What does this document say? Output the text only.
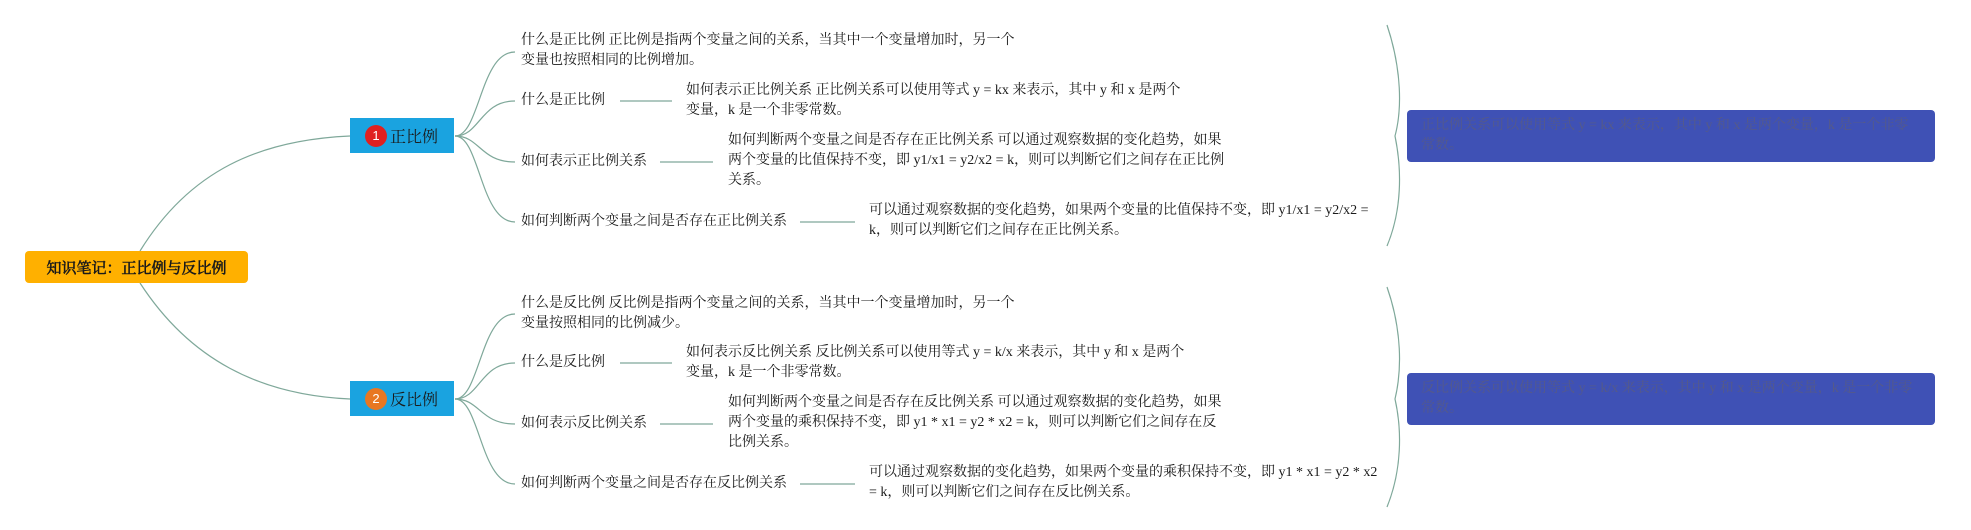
知识笔记：正比例与反比例
1 正比例
什么是正比例 正比例是指两个变量之间的关系，当其中一个变量增加时，另一个变量也按照相同的比例增加。
什么是正比例
如何表示正比例关系 正比例关系可以使用等式 y = kx 来表示，其中 y 和 x 是两个变量，k 是一个非零常数。
如何表示正比例关系
如何判断两个变量之间是否存在正比例关系 可以通过观察数据的变化趋势，如果两个变量的比值保持不变，即 y1/x1 = y2/x2 = k，则可以判断它们之间存在正比例关系。
如何判断两个变量之间是否存在正比例关系
可以通过观察数据的变化趋势，如果两个变量的比值保持不变，即 y1/x1 = y2/x2 = k，则可以判断它们之间存在正比例关系。
正比例关系可以使用等式 y = kx 来表示，其中 y 和 x 是两个变量，k 是一个非零常数。
2 反比例
什么是反比例 反比例是指两个变量之间的关系，当其中一个变量增加时，另一个变量按照相同的比例减少。
什么是反比例
如何表示反比例关系 反比例关系可以使用等式 y = k/x 来表示，其中 y 和 x 是两个变量，k 是一个非零常数。
如何表示反比例关系
如何判断两个变量之间是否存在反比例关系 可以通过观察数据的变化趋势，如果两个变量的乘积保持不变，即 y1 * x1 = y2 * x2 = k，则可以判断它们之间存在反比例关系。
如何判断两个变量之间是否存在反比例关系
可以通过观察数据的变化趋势，如果两个变量的乘积保持不变，即 y1 * x1 = y2 * x2 = k，则可以判断它们之间存在反比例关系。
反比例关系可以使用等式 y = k/x 来表示，其中 y 和 x 是两个变量，k 是一个非零常数。
